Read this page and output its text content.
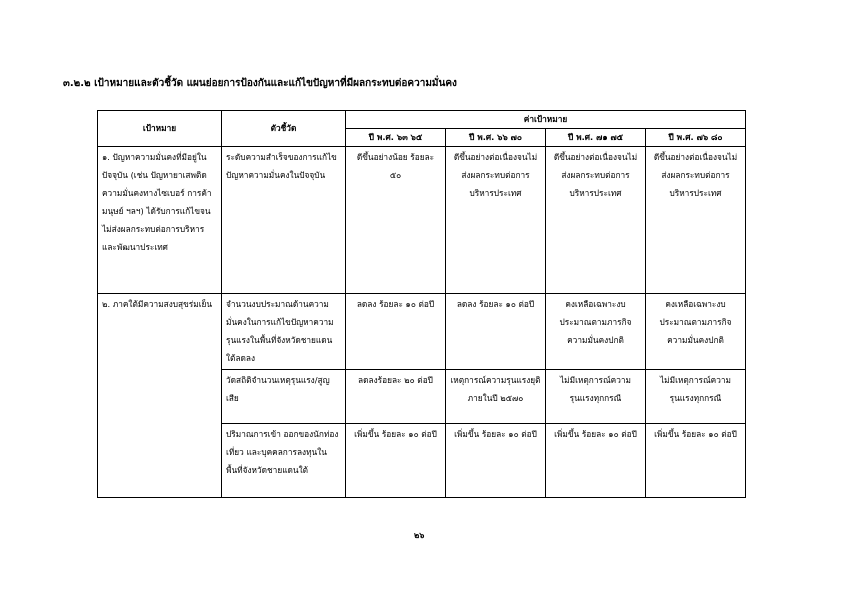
๓.๒.๒ เป้าหมายและตัวชี้วัด แผนย่อยการป้องกันและแก้ไขปัญหาที่มีผลกระทบต่อความมั่นคง
เป้าหมาย	ตัวชี้วัด	ค่าเป้าหมาย			
		ปี พ.ศ. ๖๓ ๖๕	ปี พ.ศ. ๖๖ ๗๐	ปี พ.ศ. ๗๑ ๗๕	ปี พ.ศ. ๗๖ ๘๐
๑. ปัญหาความมั่นคงที่มีอยู่ในปัจจุบัน (เช่น ปัญหายาเสพติด ความมั่นคงทางไซเบอร์ การค้ามนุษย์ ฯลฯ) ได้รับการแก้ไขจนไม่ส่งผลกระทบต่อการบริหารและพัฒนาประเทศ	ระดับความสำเร็จของการแก้ไขปัญหาความมั่นคงในปัจจุบัน	ดีขึ้นอย่างน้อย ร้อยละ ๕๐	ดีขึ้นอย่างต่อเนื่องจนไม่ส่งผลกระทบต่อการบริหารประเทศ	ดีขึ้นอย่างต่อเนื่องจนไม่ส่งผลกระทบต่อการบริหารประเทศ	ดีขึ้นอย่างต่อเนื่องจนไม่ส่งผลกระทบต่อการบริหารประเทศ
๒. ภาคใต้มีความสงบสุขร่มเย็น	จำนวนงบประมาณด้านความมั่นคงในการแก้ไขปัญหาความรุนแรงในพื้นที่จังหวัดชายแดนใต้ลดลง	ลดลง ร้อยละ ๑๐ ต่อปี	ลดลง ร้อยละ ๑๐ ต่อปี	คงเหลือเฉพาะงบประมาณตามภารกิจความมั่นคงปกติ	คงเหลือเฉพาะงบประมาณตามภารกิจความมั่นคงปกติ
	วัดสถิติจำนวนเหตุรุนแรง/สูญเสีย	ลดลงร้อยละ ๒๐ ต่อปี	เหตุการณ์ความรุนแรงยุติภายในปี ๒๕๗๐	ไม่มีเหตุการณ์ความรุนแรงทุกกรณี	ไม่มีเหตุการณ์ความรุนแรงทุกกรณี
	ปริมาณการเข้า ออกของนักท่องเที่ยว และบุคคลการลงทุนในพื้นที่จังหวัดชายแดนใต้	เพิ่มขึ้น ร้อยละ ๑๐ ต่อปี	เพิ่มขึ้น ร้อยละ ๑๐ ต่อปี	เพิ่มขึ้น ร้อยละ ๑๐ ต่อปี	เพิ่มขึ้น ร้อยละ ๑๐ ต่อปี
๒๖
